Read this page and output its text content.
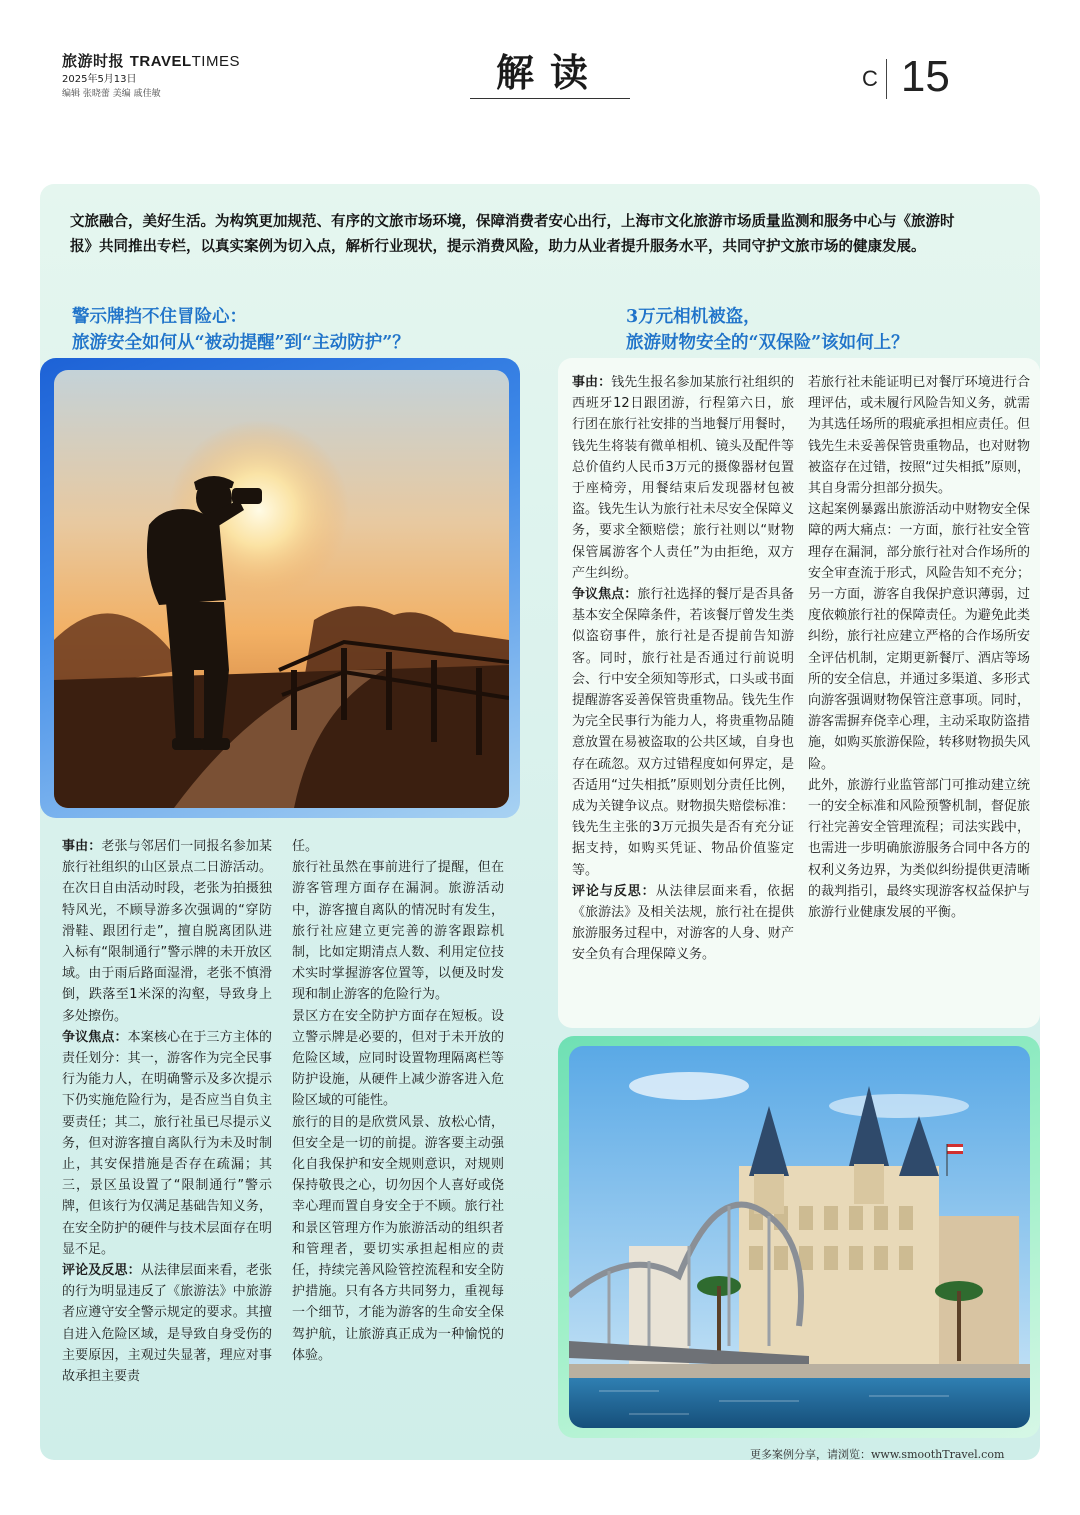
旅游时报 TRAVELTIMES
2025年5月13日
编辑 张晓蕾 美编 戚佳敏	解读	C 15
文旅融合，美好生活。为构筑更加规范、有序的文旅市场环境，保障消费者安心出行，上海市文化旅游市场质量监测和服务中心与《旅游时报》共同推出专栏，以真实案例为切入点，解析行业现状，提示消费风险，助力从业者提升服务水平，共同守护文旅市场的健康发展。
警示牌挡不住冒险心：
旅游安全如何从“被动提醒”到“主动防护”？
3万元相机被盗，
旅游财物安全的“双保险”该如何上？

事由：钱先生报名参加某旅行社组织的西班牙12日跟团游，行程第六日，旅行团在旅行社安排的当地餐厅用餐时，钱先生将装有微单相机、镜头及配件等总价值约人民币3万元的摄像器材包置于座椅旁，用餐结束后发现器材包被盗。钱先生认为旅行社未尽安全保障义务，要求全额赔偿；旅行社则以“财物保管属游客个人责任”为由拒绝，双方产生纠纷。

争议焦点：旅行社选择的餐厅是否具备基本安全保障条件，若该餐厅曾发生类似盗窃事件，旅行社是否提前告知游客。同时，旅行社是否通过行前说明会、行中安全须知等形式，口头或书面提醒游客妥善保管贵重物品。钱先生作为完全民事行为能力人，将贵重物品随意放置在易被盗取的公共区域，自身也存在疏忽。双方过错程度如何界定，是否适用“过失相抵”原则划分责任比例，成为关键争议点。财物损失赔偿标准：钱先生主张的3万元损失是否有充分证据支持，如购买凭证、物品价值鉴定等。

评论与反思：从法律层面来看，依据《旅游法》及相关法规，旅行社在提供旅游服务过程中，对游客的人身、财产安全负有合理保障义务。

若旅行社未能证明已对餐厅环境进行合理评估，或未履行风险告知义务，就需为其选任场所的瑕疵承担相应责任。但钱先生未妥善保管贵重物品，也对财物被盗存在过错，按照“过失相抵”原则，其自身需分担部分损失。

这起案例暴露出旅游活动中财物安全保障的两大痛点：一方面，旅行社安全管理存在漏洞，部分旅行社对合作场所的安全审查流于形式，风险告知不充分；另一方面，游客自我保护意识薄弱，过度依赖旅行社的保障责任。为避免此类纠纷，旅行社应建立严格的合作场所安全评估机制，定期更新餐厅、酒店等场所的安全信息，并通过多渠道、多形式向游客强调财物保管注意事项。同时，游客需摒弃侥幸心理，主动采取防盗措施，如购买旅游保险，转移财物损失风险。

此外，旅游行业监管部门可推动建立统一的安全标准和风险预警机制，督促旅行社完善安全管理流程；司法实践中，也需进一步明确旅游服务合同中各方的权利义务边界，为类似纠纷提供更清晰的裁判指引，最终实现游客权益保护与旅游行业健康发展的平衡。

事由：老张与邻居们一同报名参加某旅行社组织的山区景点二日游活动。在次日自由活动时段，老张为拍摄独特风光，不顾导游多次强调的“穿防滑鞋、跟团行走”，擅自脱离团队进入标有“限制通行”警示牌的未开放区域。由于雨后路面湿滑，老张不慎滑倒，跌落至1米深的沟壑，导致身上多处擦伤。

争议焦点：本案核心在于三方主体的责任划分：其一，游客作为完全民事行为能力人，在明确警示及多次提示下仍实施危险行为，是否应当自负主要责任；其二，旅行社虽已尽提示义务，但对游客擅自离队行为未及时制止，其安保措施是否存在疏漏；其三，景区虽设置了“限制通行”警示牌，但该行为仅满足基础告知义务，在安全防护的硬件与技术层面存在明显不足。

评论及反思：从法律层面来看，老张的行为明显违反了《旅游法》中旅游者应遵守安全警示规定的要求。其擅自进入危险区域，是导致自身受伤的主要原因，主观过失显著，理应对事故承担主要责

任。

旅行社虽然在事前进行了提醒，但在游客管理方面存在漏洞。旅游活动中，游客擅自离队的情况时有发生，旅行社应建立更完善的游客跟踪机制，比如定期清点人数、利用定位技术实时掌握游客位置等，以便及时发现和制止游客的危险行为。

景区方在安全防护方面存在短板。设立警示牌是必要的，但对于未开放的危险区域，应同时设置物理隔离栏等防护设施，从硬件上减少游客进入危险区域的可能性。

旅行的目的是欣赏风景、放松心情，但安全是一切的前提。游客要主动强化自我保护和安全规则意识，对规则保持敬畏之心，切勿因个人喜好或侥幸心理而置自身安全于不顾。旅行社和景区管理方作为旅游活动的组织者和管理者，要切实承担起相应的责任，持续完善风险管控流程和安全防护措施。只有各方共同努力，重视每一个细节，才能为游客的生命安全保驾护航，让旅游真正成为一种愉悦的体验。

更多案例分享，请浏览：www.smoothTravel.com
